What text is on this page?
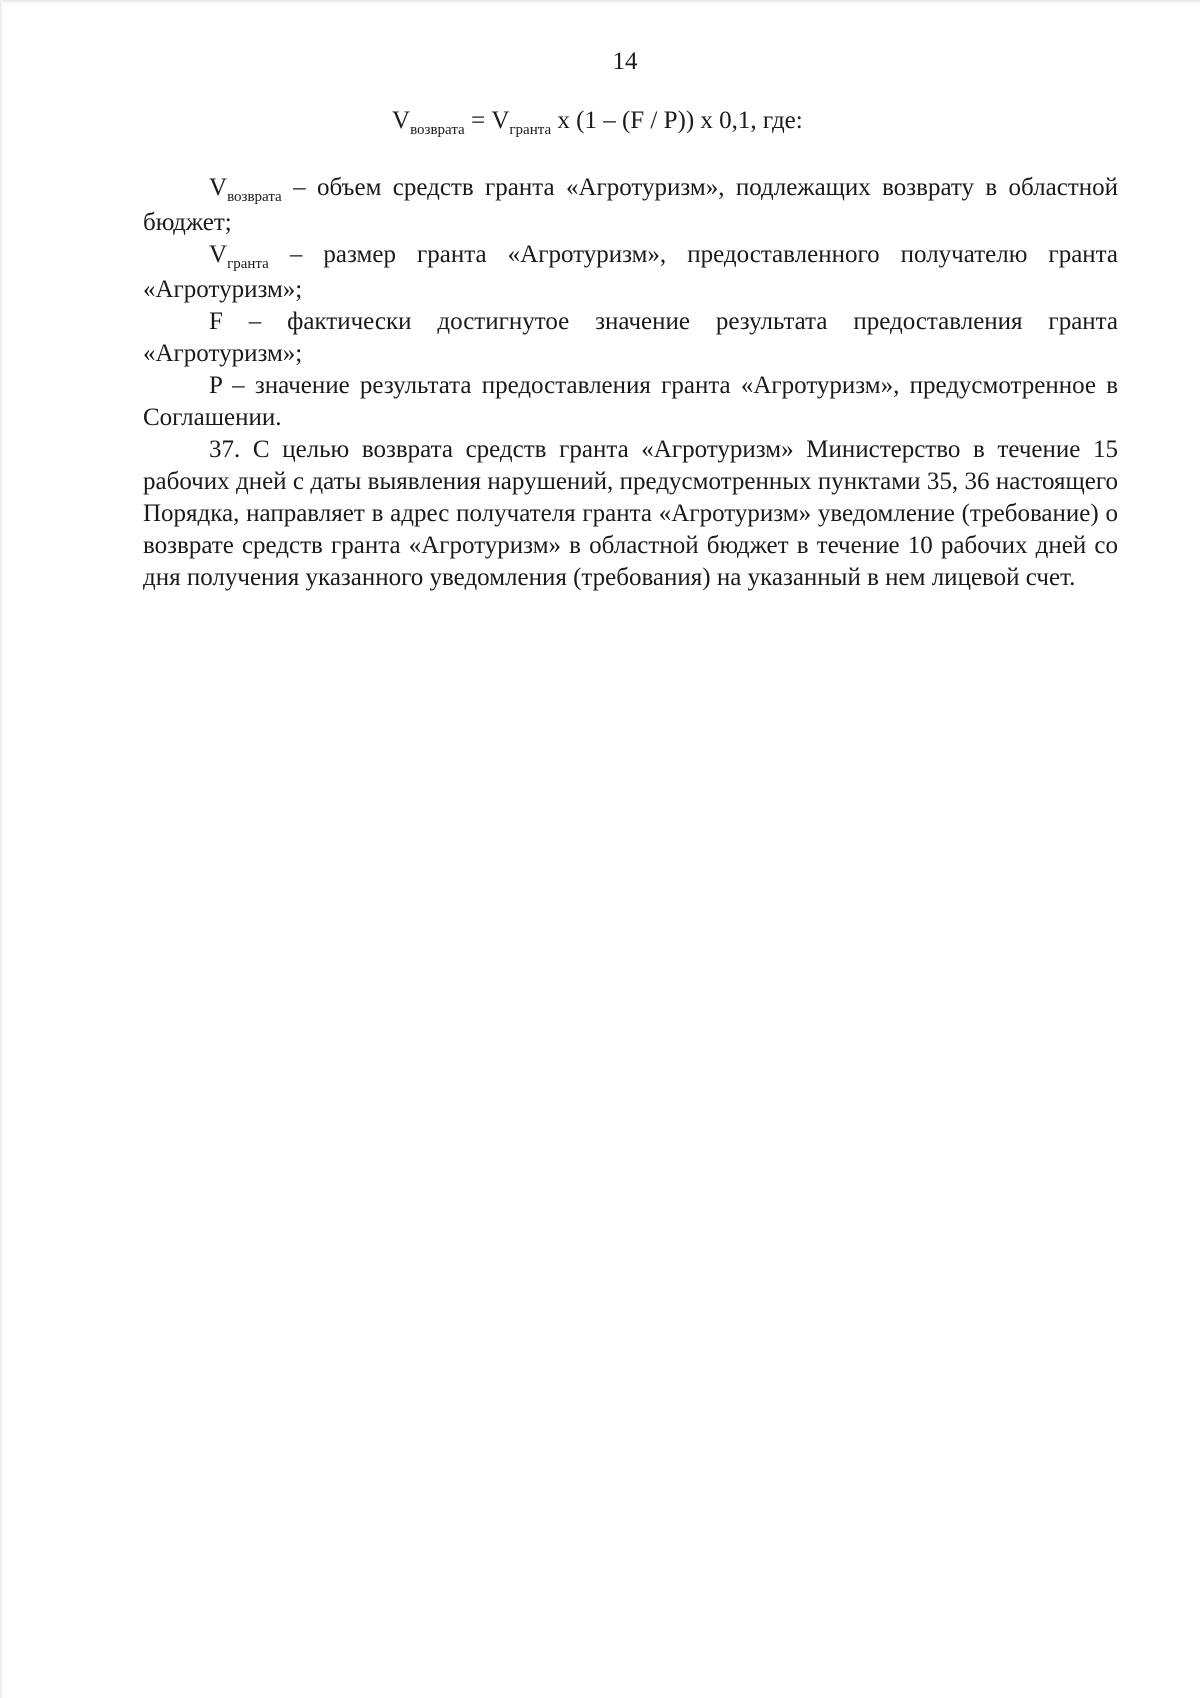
14
$V_{возврата} = V_{гранта}$ x (1 – (F / P)) x 0,1, где:

$V_{возврата}$ – объем средств гранта «Агротуризм», подлежащих возврату в областной бюджет;

$V_{гранта}$ – размер гранта «Агротуризм», предоставленного получателю гранта «Агротуризм»;

F – фактически достигнутое значение результата предоставления гранта «Агротуризм»;

P – значение результата предоставления гранта «Агротуризм», предусмотренное в Соглашении.

37. С целью возврата средств гранта «Агротуризм» Министерство в течение 15 рабочих дней с даты выявления нарушений, предусмотренных пунктами 35, 36 настоящего Порядка, направляет в адрес получателя гранта «Агротуризм» уведомление (требование) о возврате средств гранта «Агротуризм» в областной бюджет в течение 10 рабочих дней со дня получения указанного уведомления (требования) на указанный в нем лицевой счет.
